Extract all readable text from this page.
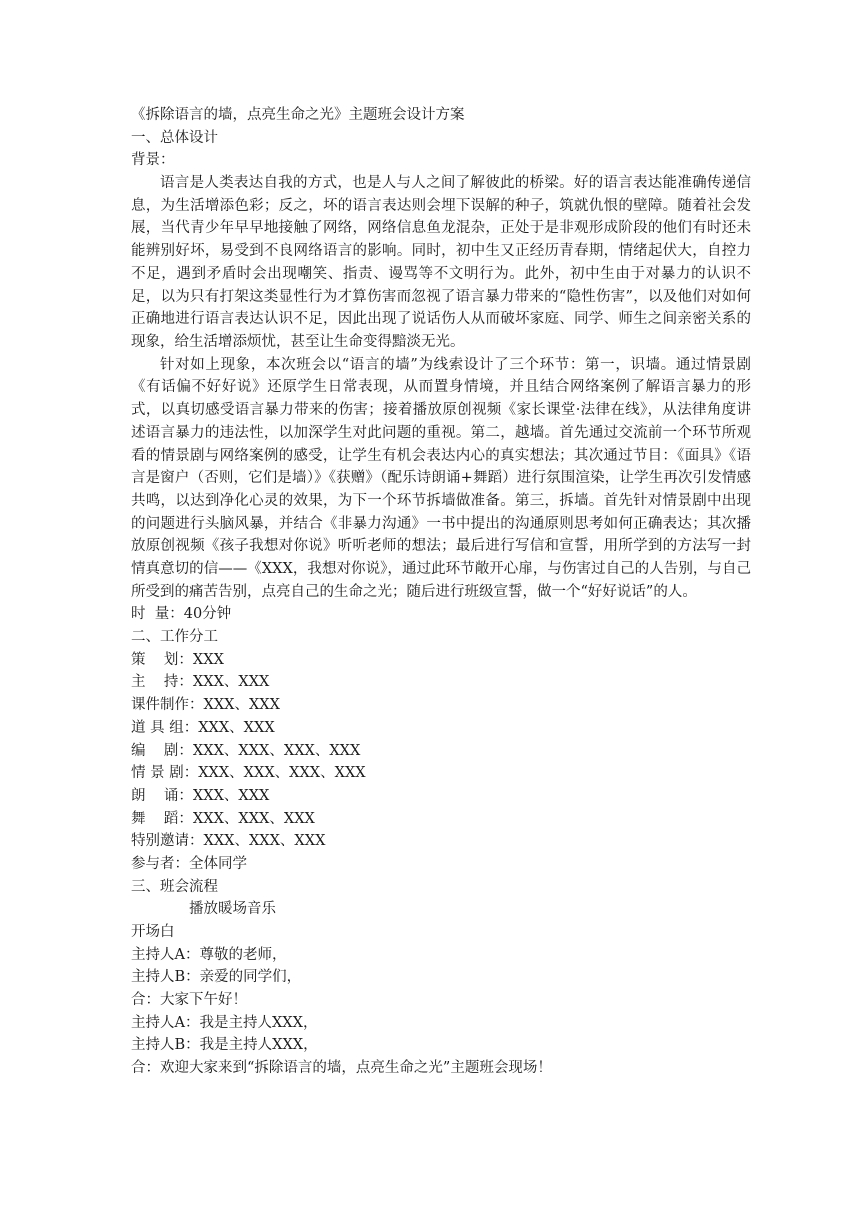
《拆除语言的墙，点亮生命之光》主题班会设计方案
一、总体设计
背景：

语言是人类表达自我的方式，也是人与人之间了解彼此的桥梁。好的语言表达能准确传递信息，为生活增添色彩；反之，坏的语言表达则会埋下误解的种子，筑就仇恨的壁障。随着社会发展，当代青少年早早地接触了网络，网络信息鱼龙混杂，正处于是非观形成阶段的他们有时还未能辨别好坏，易受到不良网络语言的影响。同时，初中生又正经历青春期，情绪起伏大，自控力不足，遇到矛盾时会出现嘲笑、指责、谩骂等不文明行为。此外，初中生由于对暴力的认识不足，以为只有打架这类显性行为才算伤害而忽视了语言暴力带来的“隐性伤害”，以及他们对如何正确地进行语言表达认识不足，因此出现了说话伤人从而破坏家庭、同学、师生之间亲密关系的现象，给生活增添烦忧，甚至让生命变得黯淡无光。

针对如上现象，本次班会以“语言的墙”为线索设计了三个环节：第一，识墙。通过情景剧《有话偏不好好说》还原学生日常表现，从而置身情境，并且结合网络案例了解语言暴力的形式，以真切感受语言暴力带来的伤害；接着播放原创视频《家长课堂·法律在线》，从法律角度讲述语言暴力的违法性，以加深学生对此问题的重视。第二，越墙。首先通过交流前一个环节所观看的情景剧与网络案例的感受，让学生有机会表达内心的真实想法；其次通过节目：《面具》《语言是窗户（否则，它们是墙）》《获赠》（配乐诗朗诵+舞蹈）进行氛围渲染，让学生再次引发情感共鸣，以达到净化心灵的效果，为下一个环节拆墙做准备。第三，拆墙。首先针对情景剧中出现的问题进行头脑风暴，并结合《非暴力沟通》一书中提出的沟通原则思考如何正确表达；其次播放原创视频《孩子我想对你说》听听老师的想法；最后进行写信和宣誓，用所学到的方法写一封情真意切的信——《XXX，我想对你说》，通过此环节敞开心扉，与伤害过自己的人告别，与自己所受到的痛苦告别，点亮自己的生命之光；随后进行班级宣誓，做一个“好好说话”的人。

时  量：40分钟
二、工作分工
策    划：XXX
主    持：XXX、XXX
课件制作：XXX、XXX
道 具 组：XXX、XXX
编    剧：XXX、XXX、XXX、XXX
情 景 剧：XXX、XXX、XXX、XXX
朗    诵：XXX、XXX
舞    蹈：XXX、XXX、XXX
特别邀请：XXX、XXX、XXX
参与者：全体同学
三、班会流程
播放暖场音乐
开场白
主持人A：尊敬的老师，
主持人B：亲爱的同学们，
合：大家下午好！
主持人A：我是主持人XXX，
主持人B：我是主持人XXX，
合：欢迎大家来到“拆除语言的墙，点亮生命之光”主题班会现场！
